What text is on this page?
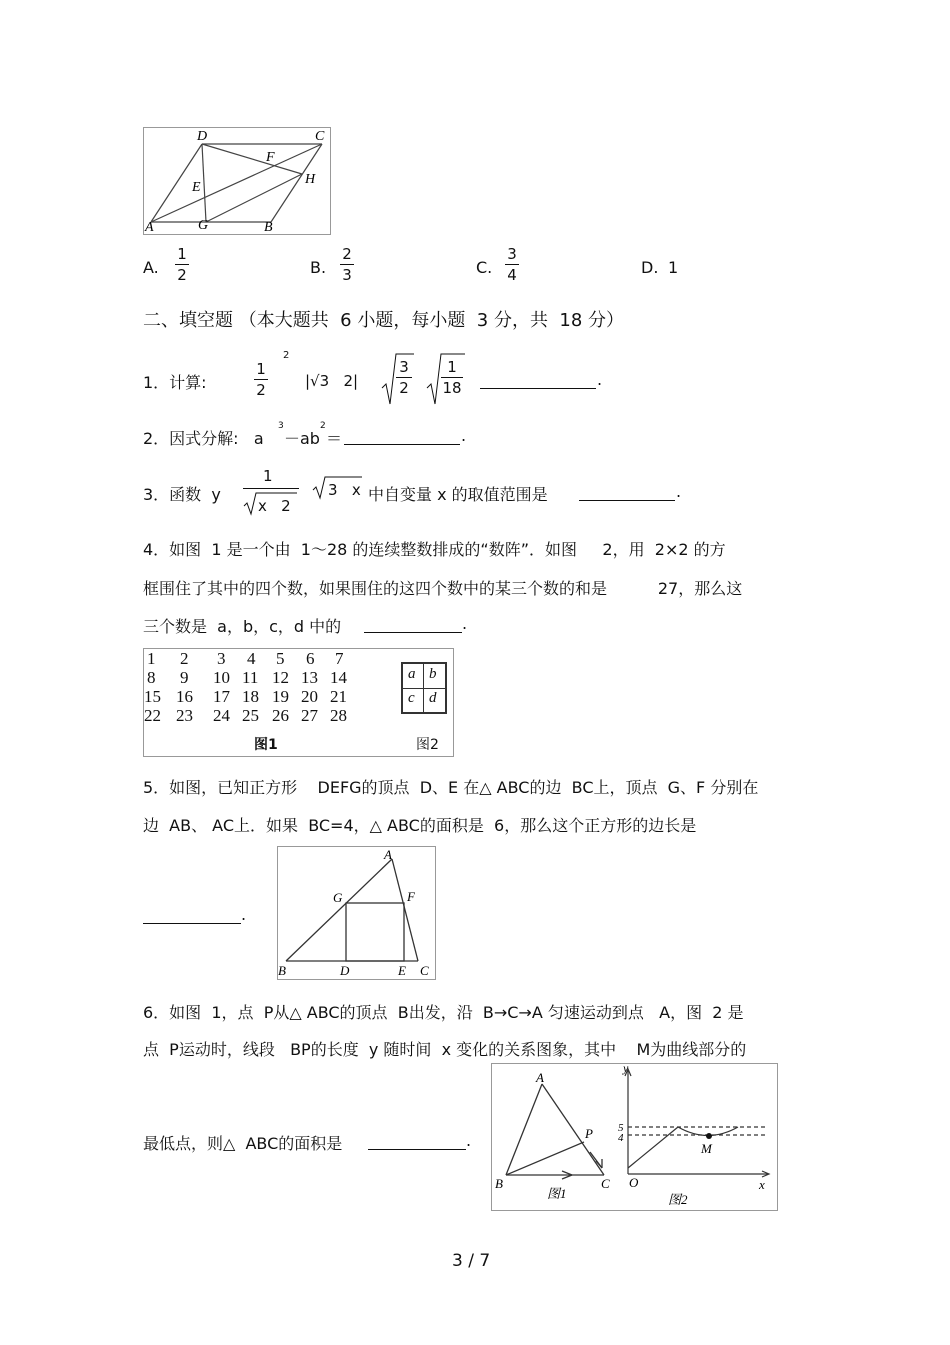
D	C
F
E
H
A	G	B
A.
1
2	B.
2
3	C.
3
4	D. 1
二、填空题 （本大题共  6 小题，每小题  3 分，共  18 分）
1．计算:
1
2
2
|√3   2|
3
2
1
18	.
2．因式分解:   a
3
－ab
2
＝	.
3．函数  y
1
x   2
3   x 中自变量 x 的取值范围是	.
4．如图  1 是一个由  1～28 的连续整数排成的“数阵”．如图     2，用  2×2 的方
框围住了其中的四个数，如果围住的这四个数中的某三个数的和是          27，那么这
三个数是  a，b，c，d 中的	.
1 2 3 4 5 6 7
8 9 10 11 12 13 14
15 16 17 18 19 20 21
22 23 24 25 26 27 28
a b
c d
图1	图2
5．如图，已知正方形    DEFG的顶点  D、E 在△ ABC的边  BC上，顶点  G、F 分别在
边  AB、 AC上．如果  BC=4，△ ABC的面积是  6，那么这个正方形的边长是
.
A
G	F
B	D	E C
6．如图  1，点  P从△ ABC的顶点  B出发，沿  B→C→A 匀速运动到点   A，图  2 是
点  P运动时，线段   BP的长度  y 随时间  x 变化的关系图象，其中    M为曲线部分的
最低点，则△  ABC的面积是	.
A
P
B	C
图1
y
5
4
O
M
x
图2
3 / 7
